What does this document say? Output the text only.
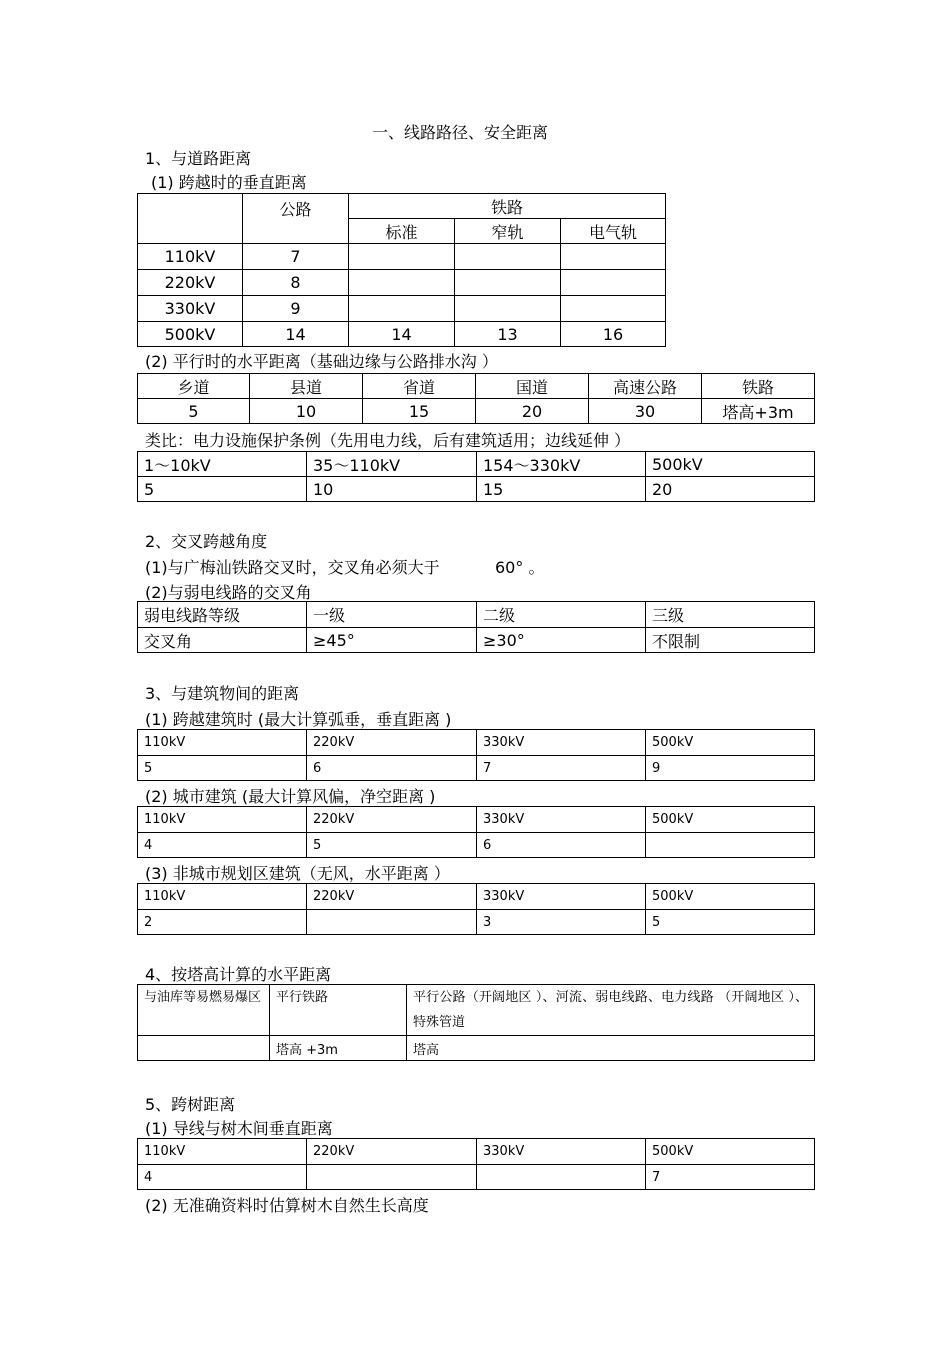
一、线路路径、安全距离
1、与道路距离
(1) 跨越时的垂直距离
	公路	铁路		
		标准	窄轨	电气轨
110kV	7			
220kV	8			
330kV	9			
500kV	14	14	13	16
(2) 平行时的水平距离（基础边缘与公路排水沟 ）
乡道	县道	省道	国道	高速公路	铁路
5	10	15	20	30	塔高+3m
类比：电力设施保护条例（先用电力线，后有建筑适用；边线延伸 ）
1～10kV	35～110kV	154～330kV	500kV
5	10	15	20
2、交叉跨越角度
(1)与广梅汕铁路交叉时，交叉角必须大于	60° 。
(2)与弱电线路的交叉角
弱电线路等级	一级	二级	三级
交叉角	≥45°	≥30°	不限制
3、与建筑物间的距离
(1) 跨越建筑时 (最大计算弧垂，垂直距离 )
110kV	220kV	330kV	500kV
5	6	7	9
(2) 城市建筑 (最大计算风偏，净空距离 )
110kV	220kV	330kV	500kV
4	5	6	
(3) 非城市规划区建筑（无风，水平距离 ）
110kV	220kV	330kV	500kV
2		3	5
4、按塔高计算的水平距离
与油库等易燃易爆区	平行铁路	平行公路（开阔地区 ）、河流、弱电线路、电力线路 （开阔地区 ）、特殊管道
	塔高 +3m	塔高
5、跨树距离
(1) 导线与树木间垂直距离
110kV	220kV	330kV	500kV
4			7
(2) 无准确资料时估算树木自然生长高度
